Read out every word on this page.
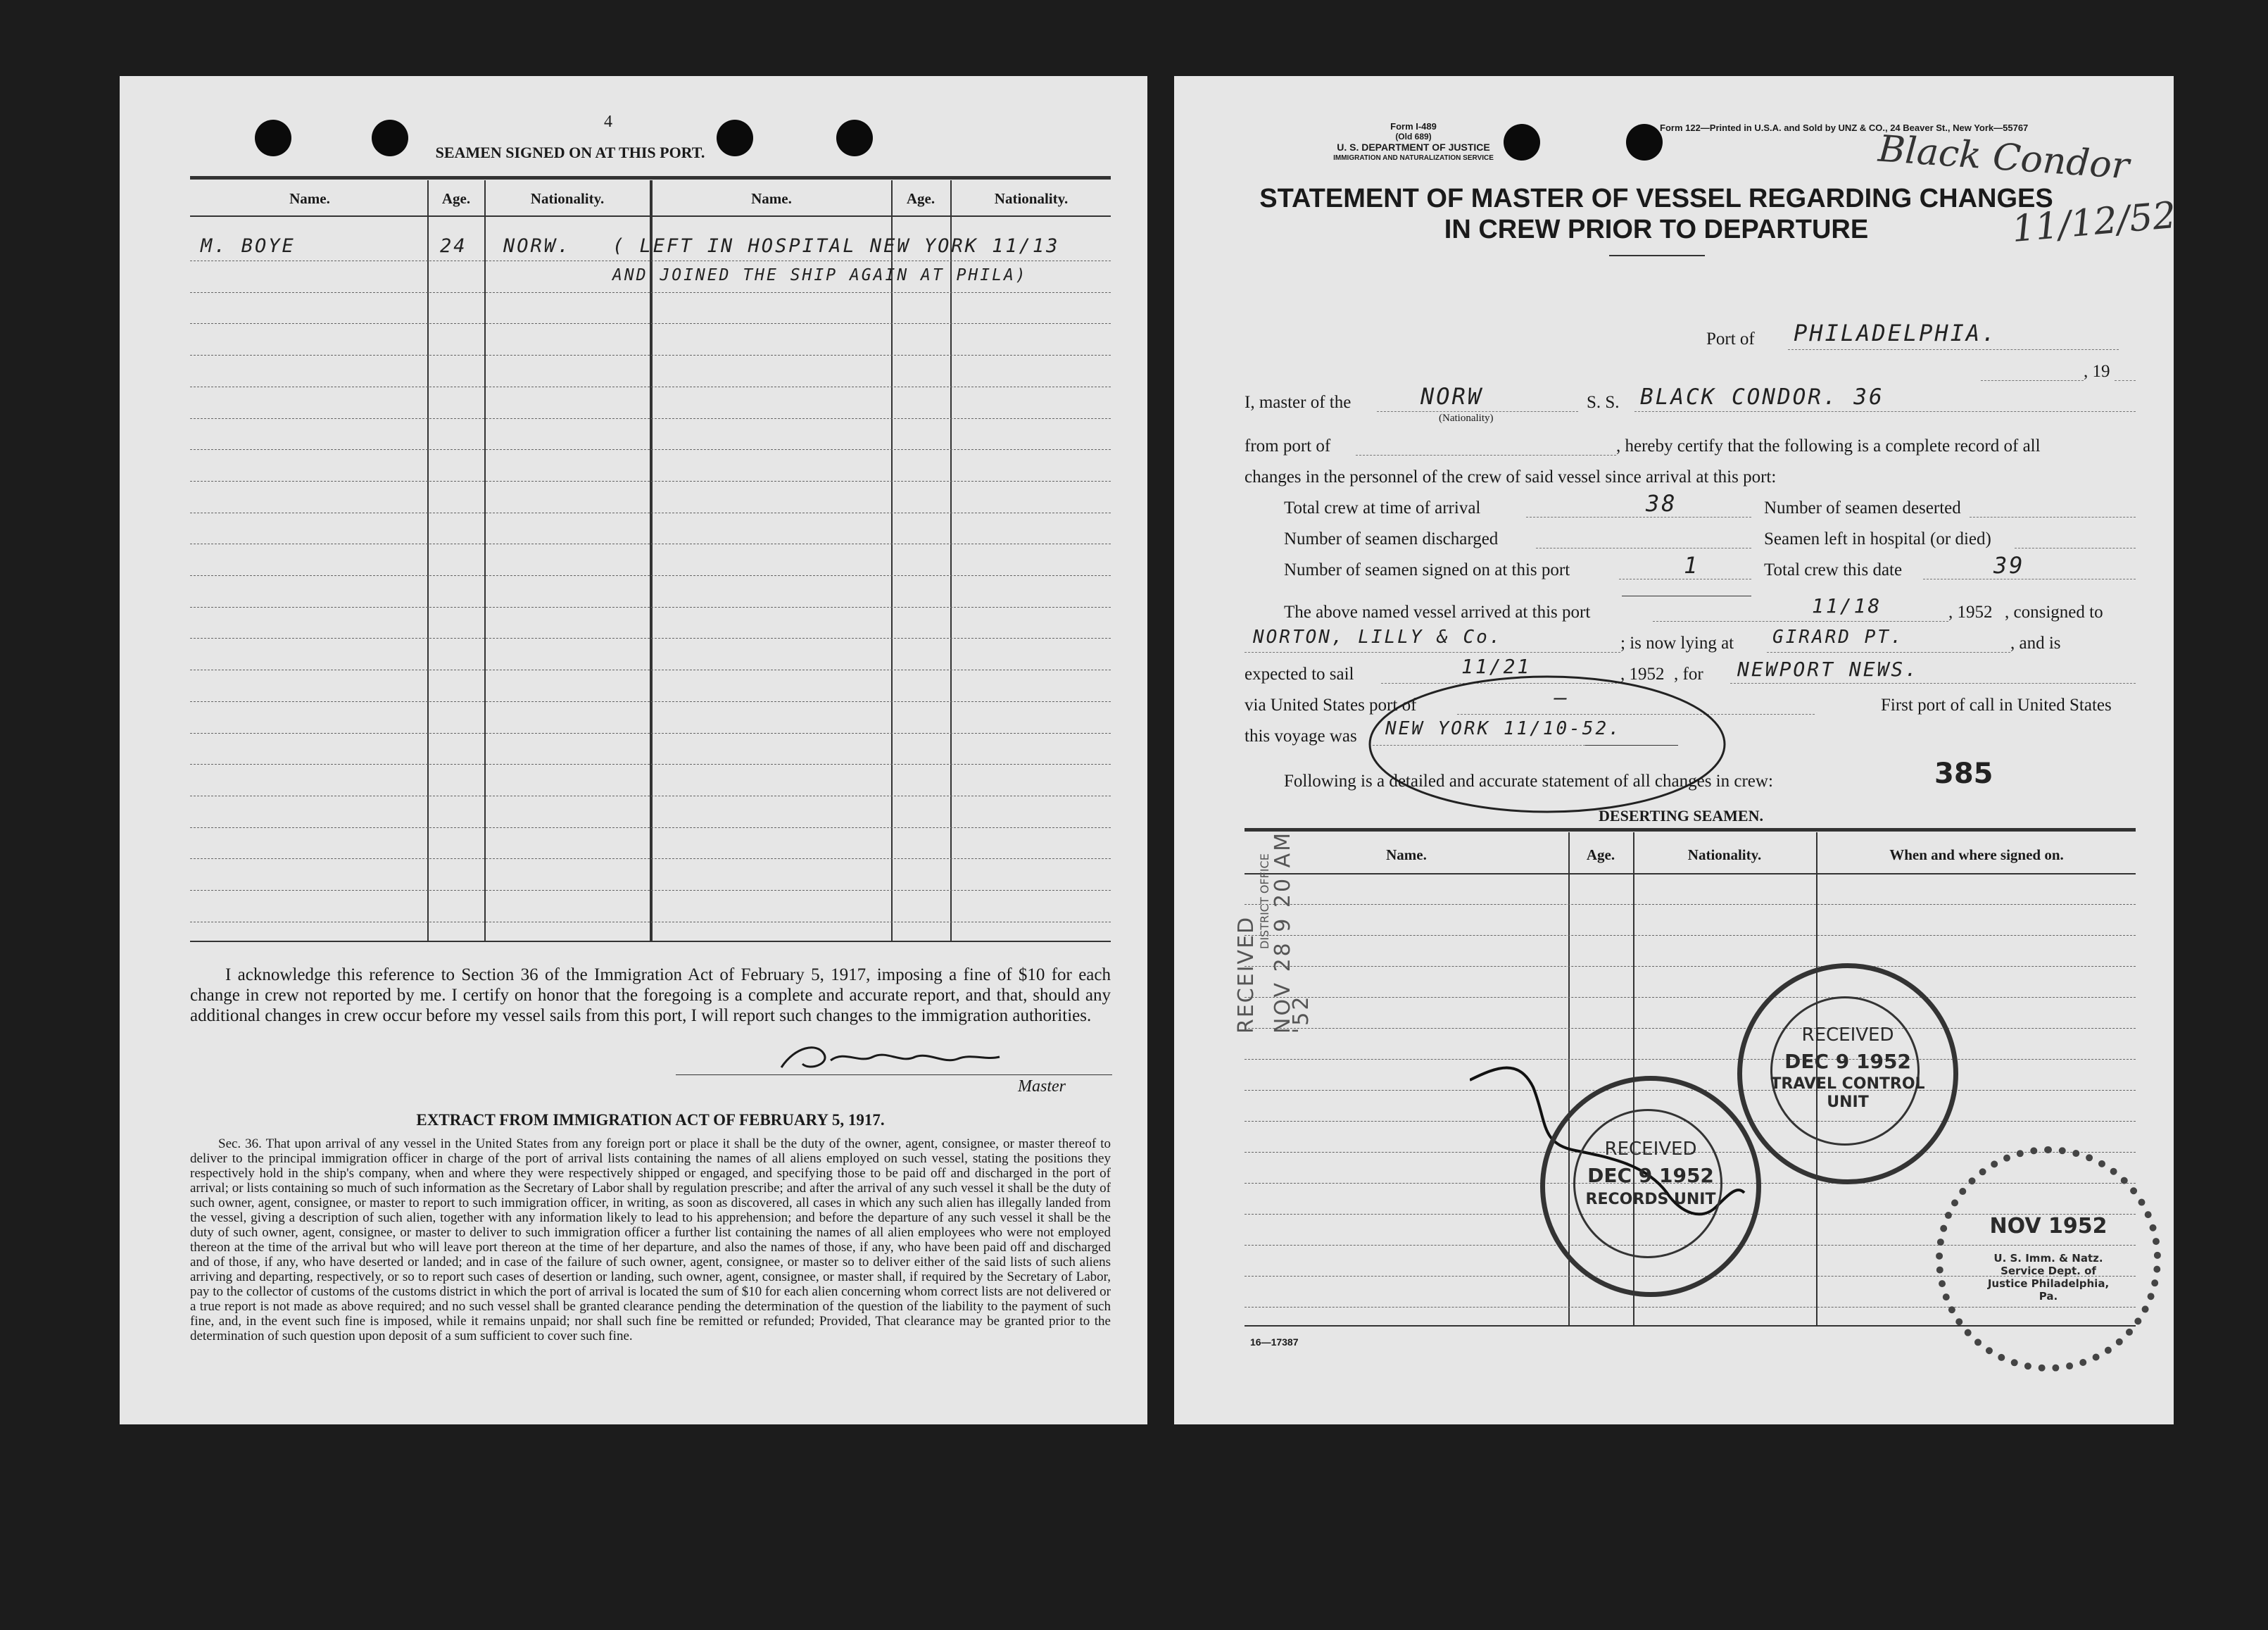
4
SEAMEN SIGNED ON AT THIS PORT.
Name.	Age.	Nationality.	Name.	Age.	Nationality.
M. BOYE	24 NORW. ( LEFT IN HOSPITAL NEW YORK 11/13
AND JOINED THE SHIP AGAIN AT PHILA)
I acknowledge this reference to Section 36 of the Immigration Act of February 5, 1917, imposing a fine of $10 for each change in crew not reported by me. I certify on honor that the foregoing is a complete and accurate report, and that, should any additional changes in crew occur before my vessel sails from this port, I will report such changes to the immigration authorities.
Master
EXTRACT FROM IMMIGRATION ACT OF FEBRUARY 5, 1917.
Sec. 36. That upon arrival of any vessel in the United States from any foreign port or place it shall be the duty of the owner, agent, consignee, or master thereof to deliver to the principal immigration officer in charge of the port of arrival lists containing the names of all aliens employed on such vessel, stating the positions they respectively hold in the ship's company, when and where they were respectively shipped or engaged, and specifying those to be paid off and discharged in the port of arrival; or lists containing so much of such information as the Secretary of Labor shall by regulation prescribe; and after the arrival of any such vessel it shall be the duty of such owner, agent, consignee, or master to report to such immigration officer, in writing, as soon as discovered, all cases in which any such alien has illegally landed from the vessel, giving a description of such alien, together with any information likely to lead to his apprehension; and before the departure of any such vessel it shall be the duty of such owner, agent, consignee, or master to deliver to such immigration officer a further list containing the names of all alien employees who were not employed thereon at the time of the arrival but who will leave port thereon at the time of her departure, and also the names of those, if any, who have been paid off and discharged and of those, if any, who have deserted or landed; and in case of the failure of such owner, agent, consignee, or master so to deliver either of the said lists of such aliens arriving and departing, respectively, or so to report such cases of desertion or landing, such owner, agent, consignee, or master shall, if required by the Secretary of Labor, pay to the collector of customs of the customs district in which the port of arrival is located the sum of $10 for each alien concerning whom correct lists are not delivered or a true report is not made as above required; and no such vessel shall be granted clearance pending the determination of the question of the liability to the payment of such fine, and, in the event such fine is imposed, while it remains unpaid; nor shall such fine be remitted or refunded; Provided, That clearance may be granted prior to the determination of such question upon deposit of a sum sufficient to cover such fine.
Form I-489
(Old 689)
U. S. DEPARTMENT OF JUSTICE
IMMIGRATION AND NATURALIZATION SERVICE
Form 122—Printed in U.S.A. and Sold by UNZ & CO., 24 Beaver St., New York—55767
Black Condor
11/12/52
STATEMENT OF MASTER OF VESSEL REGARDING CHANGES
IN CREW PRIOR TO DEPARTURE
Port of PHILADELPHIA.
, 19
I, master of the	NORW
(Nationality)
S. S. BLACK CONDOR. 36
from port of	, hereby certify that the following is a complete record of all
changes in the personnel of the crew of said vessel since arrival at this port:
Total crew at time of arrival	38	Number of seamen deserted
Number of seamen discharged	Seamen left in hospital (or died)
Number of seamen signed on at this port	1	Total crew this date	39
The above named vessel arrived at this port	11/18	, 1952 , consigned to
NORTON, LILLY & Co.	; is now lying at GIRARD PT.	, and is
expected to sail	11/21	, 1952 , for NEWPORT NEWS.
via United States port of	—	First port of call in United States
this voyage was NEW YORK 11/10-52.
385
Following is a detailed and accurate statement of all changes in crew:
DESERTING SEAMEN.
Name.	Age.	Nationality.	When and where signed on.
16—17387
RECEIVED
DISTRICT OFFICE NOV 28 9 20 AM '52
RECEIVED
DEC 9 1952
TRAVEL CONTROL UNIT
RECEIVED
DEC 9 1952
RECORDS UNIT
NOV 1952
U. S. Imm. & Natz. Service Dept. of Justice Philadelphia, Pa.
